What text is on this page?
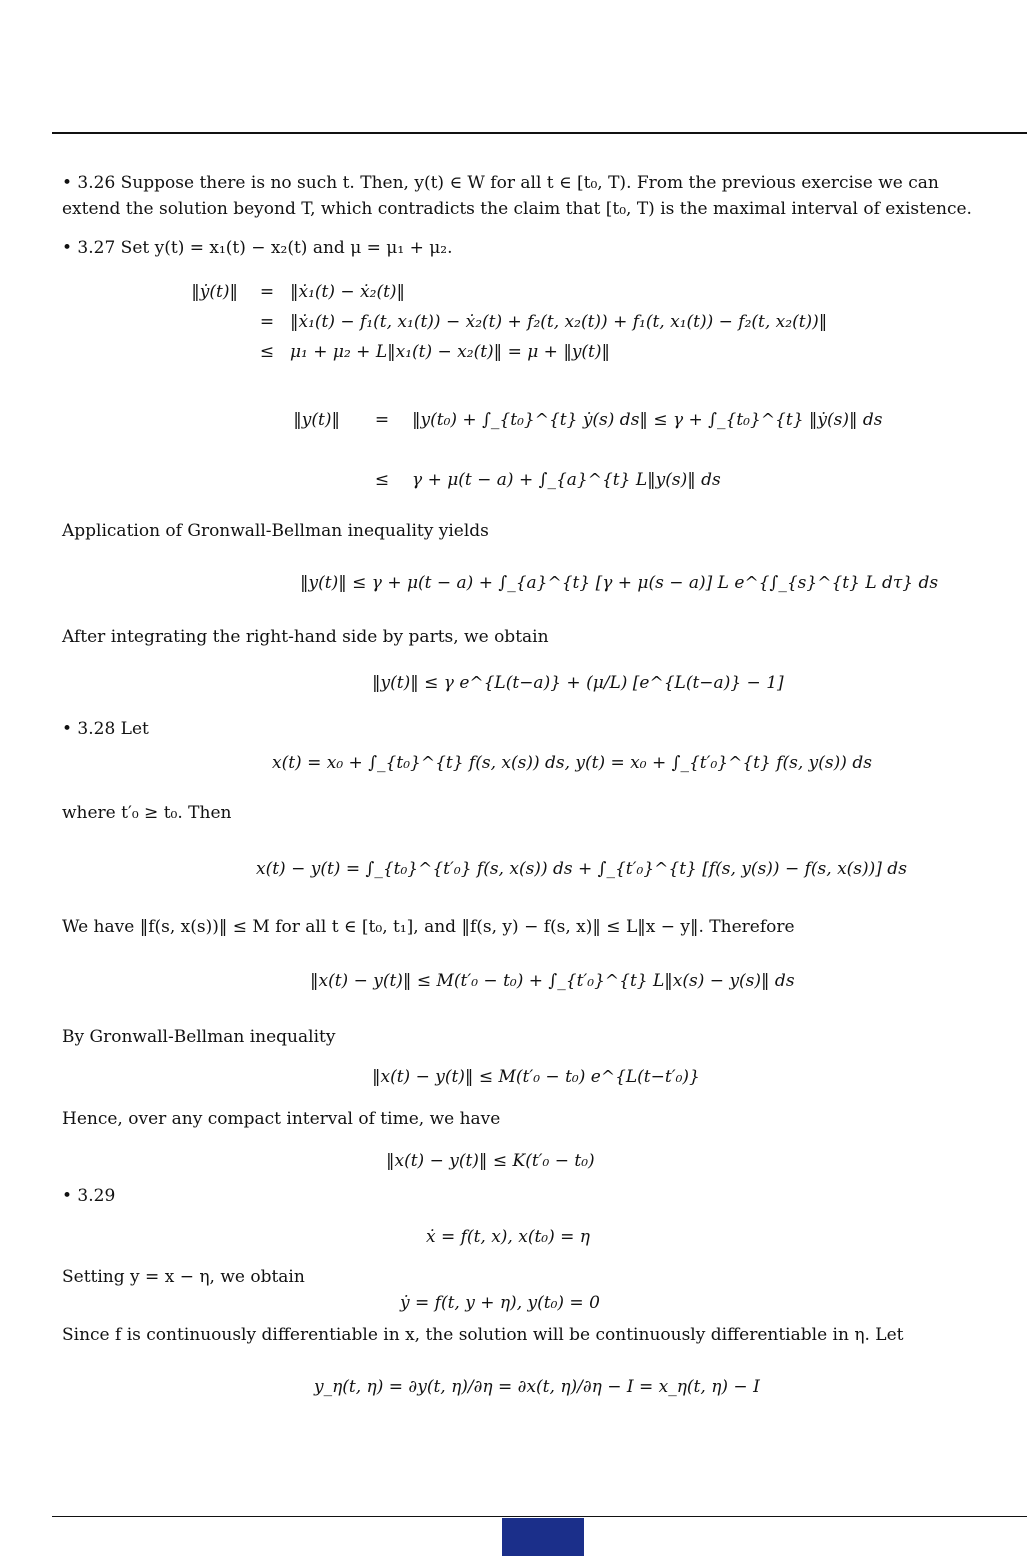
• 3.26 Suppose there is no such t. Then, y(t) ∈ W for all t ∈ [t₀, T). From the previous exercise we can
extend the solution beyond T, which contradicts the claim that [t₀, T) is the maximal interval of existence.
• 3.27 Set y(t) = x₁(t) − x₂(t) and μ = μ₁ + μ₂.
‖ẏ(t)‖ = ‖ẋ₁(t) − ẋ₂(t)‖
= ‖ẋ₁(t) − f₁(t, x₁(t)) − ẋ₂(t) + f₂(t, x₂(t)) + f₁(t, x₁(t)) − f₂(t, x₂(t))‖
≤ μ₁ + μ₂ + L‖x₁(t) − x₂(t)‖ = μ + ‖y(t)‖
‖y(t)‖ = ‖y(t₀) + ∫_{t₀}^{t} ẏ(s) ds‖ ≤ γ + ∫_{t₀}^{t} ‖ẏ(s)‖ ds
≤ γ + μ(t − a) + ∫_{a}^{t} L‖y(s)‖ ds
Application of Gronwall-Bellman inequality yields
‖y(t)‖ ≤ γ + μ(t − a) + ∫_{a}^{t} [γ + μ(s − a)] L e^{∫_{s}^{t} L dτ} ds
After integrating the right-hand side by parts, we obtain
‖y(t)‖ ≤ γ e^{L(t−a)} + (μ/L) [e^{L(t−a)} − 1]
• 3.28 Let
x(t) = x₀ + ∫_{t₀}^{t} f(s, x(s)) ds, y(t) = x₀ + ∫_{t′₀}^{t} f(s, y(s)) ds
where t′₀ ≥ t₀. Then
x(t) − y(t) = ∫_{t₀}^{t′₀} f(s, x(s)) ds + ∫_{t′₀}^{t} [f(s, y(s)) − f(s, x(s))] ds
We have ‖f(s, x(s))‖ ≤ M for all t ∈ [t₀, t₁], and ‖f(s, y) − f(s, x)‖ ≤ L‖x − y‖. Therefore
‖x(t) − y(t)‖ ≤ M(t′₀ − t₀) + ∫_{t′₀}^{t} L‖x(s) − y(s)‖ ds
By Gronwall-Bellman inequality
‖x(t) − y(t)‖ ≤ M(t′₀ − t₀) e^{L(t−t′₀)}
Hence, over any compact interval of time, we have
‖x(t) − y(t)‖ ≤ K(t′₀ − t₀)
• 3.29
ẋ = f(t, x), x(t₀) = η
Setting y = x − η, we obtain
ẏ = f(t, y + η), y(t₀) = 0
Since f is continuously differentiable in x, the solution will be continuously differentiable in η. Let
y_η(t, η) = ∂y(t, η)/∂η = ∂x(t, η)/∂η − I = x_η(t, η) − I
